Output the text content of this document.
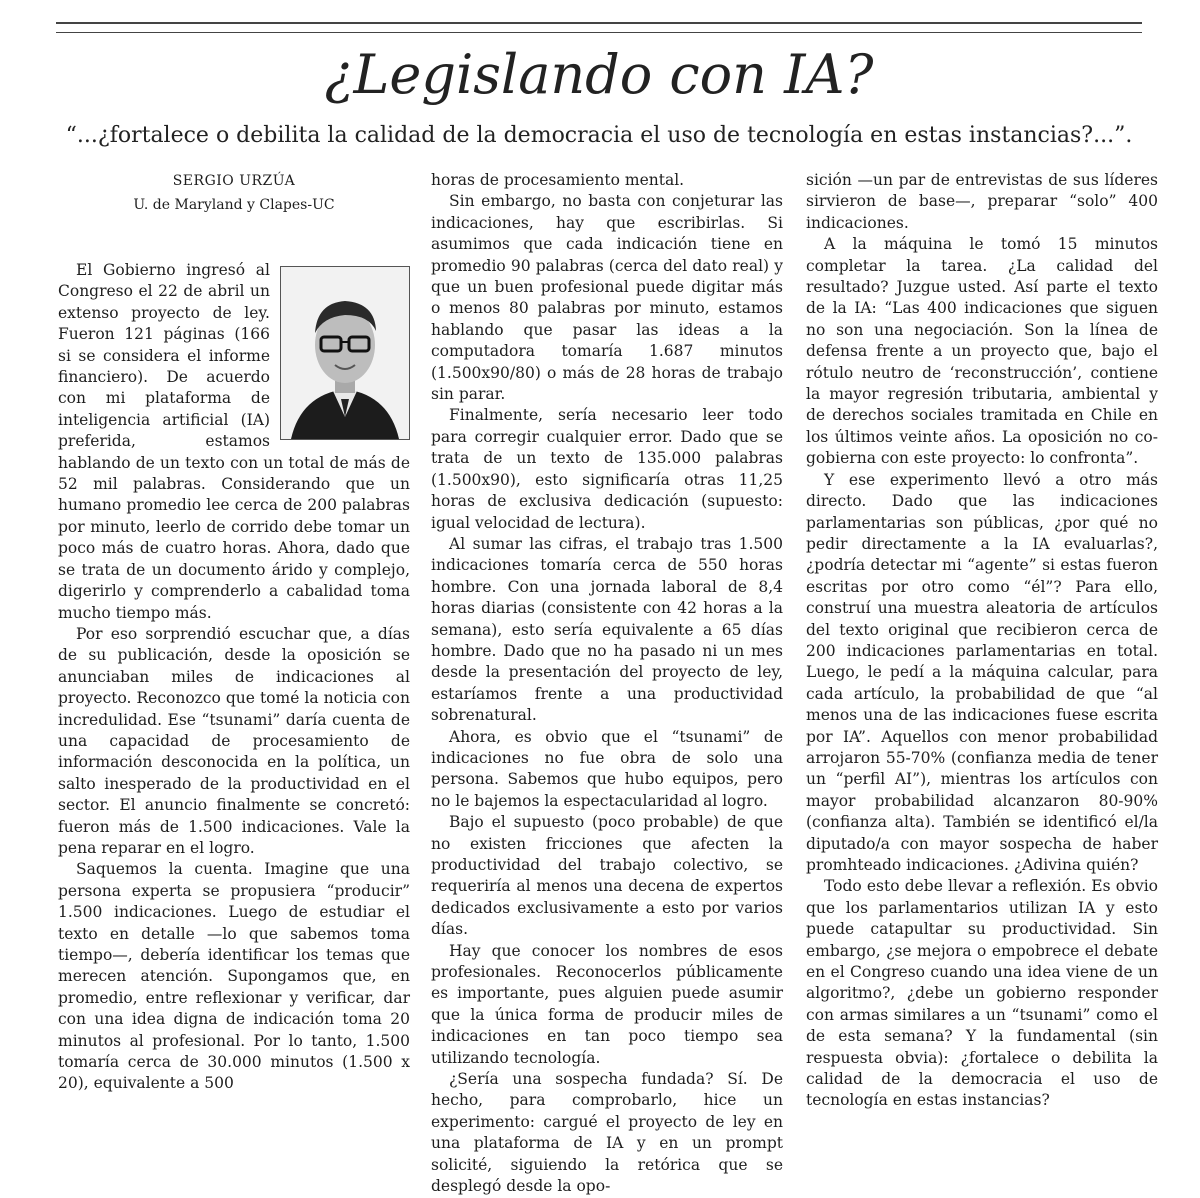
¿Legislando con IA?
“...¿fortalece o debilita la calidad de la democracia el uso de tecnología en estas instancias?...”.
SERGIO URZÚA
U. de Maryland y Clapes-UC

El Gobierno ingresó al Congreso el 22 de abril un extenso proyecto de ley. Fueron 121 páginas (166 si se considera el informe financiero). De acuerdo con mi plataforma de inteligencia artificial (IA) preferida, estamos hablando de un texto con un total de más de 52 mil palabras. Considerando que un humano promedio lee cerca de 200 palabras por minuto, leerlo de corrido debe tomar un poco más de cuatro horas. Ahora, dado que se trata de un documento árido y complejo, digerirlo y comprenderlo a cabalidad toma mucho tiempo más.

Por eso sorprendió escuchar que, a días de su publicación, desde la oposición se anunciaban miles de indicaciones al proyecto. Reconozco que tomé la noticia con incredulidad. Ese “tsunami” daría cuenta de una capacidad de procesamiento de información desconocida en la política, un salto inesperado de la productividad en el sector. El anuncio finalmente se concretó: fueron más de 1.500 indicaciones. Vale la pena reparar en el logro.

Saquemos la cuenta. Imagine que una persona experta se propusiera “producir” 1.500 indicaciones. Luego de estudiar el texto en detalle —lo que sabemos toma tiempo—, debería identificar los temas que merecen atención. Supongamos que, en promedio, entre reflexionar y verificar, dar con una idea digna de indicación toma 20 minutos al profesional. Por lo tanto, 1.500 tomaría cerca de 30.000 minutos (1.500 x 20), equivalente a 500

horas de procesamiento mental.

Sin embargo, no basta con conjeturar las indicaciones, hay que escribirlas. Si asumimos que cada indicación tiene en promedio 90 palabras (cerca del dato real) y que un buen profesional puede digitar más o menos 80 palabras por minuto, estamos hablando que pasar las ideas a la computadora tomaría 1.687 minutos (1.500x90/80) o más de 28 horas de trabajo sin parar.

Finalmente, sería necesario leer todo para corregir cualquier error. Dado que se trata de un texto de 135.000 palabras (1.500x90), esto significaría otras 11,25 horas de exclusiva dedicación (supuesto: igual velocidad de lectura).

Al sumar las cifras, el trabajo tras 1.500 indicaciones tomaría cerca de 550 horas hombre. Con una jornada laboral de 8,4 horas diarias (consistente con 42 horas a la semana), esto sería equivalente a 65 días hombre. Dado que no ha pasado ni un mes desde la presentación del proyecto de ley, estaríamos frente a una productividad sobrenatural.

Ahora, es obvio que el “tsunami” de indicaciones no fue obra de solo una persona. Sabemos que hubo equipos, pero no le bajemos la espectacularidad al logro.

Bajo el supuesto (poco probable) de que no existen fricciones que afecten la productividad del trabajo colectivo, se requeriría al menos una decena de expertos dedicados exclusivamente a esto por varios días.

Hay que conocer los nombres de esos profesionales. Reconocerlos públicamente es importante, pues alguien puede asumir que la única forma de producir miles de indicaciones en tan poco tiempo sea utilizando tecnología.

¿Sería una sospecha fundada? Sí. De hecho, para comprobarlo, hice un experimento: cargué el proyecto de ley en una plataforma de IA y en un prompt solicité, siguiendo la retórica que se desplegó desde la opo-

sición —un par de entrevistas de sus líderes sirvieron de base—, preparar “solo” 400 indicaciones.

A la máquina le tomó 15 minutos completar la tarea. ¿La calidad del resultado? Juzgue usted. Así parte el texto de la IA: “Las 400 indicaciones que siguen no son una negociación. Son la línea de defensa frente a un proyecto que, bajo el rótulo neutro de ‘reconstrucción’, contiene la mayor regresión tributaria, ambiental y de derechos sociales tramitada en Chile en los últimos veinte años. La oposición no co-gobierna con este proyecto: lo confronta”.

Y ese experimento llevó a otro más directo. Dado que las indicaciones parlamentarias son públicas, ¿por qué no pedir directamente a la IA evaluarlas?, ¿podría detectar mi “agente” si estas fueron escritas por otro como “él”? Para ello, construí una muestra aleatoria de artículos del texto original que recibieron cerca de 200 indicaciones parlamentarias en total. Luego, le pedí a la máquina calcular, para cada artículo, la probabilidad de que “al menos una de las indicaciones fuese escrita por IA”. Aquellos con menor probabilidad arrojaron 55-70% (confianza media de tener un “perfil AI”), mientras los artículos con mayor probabilidad alcanzaron 80-90% (confianza alta). También se identificó el/la diputado/a con mayor sospecha de haber promhteado indicaciones. ¿Adivina quién?

Todo esto debe llevar a reflexión. Es obvio que los parlamentarios utilizan IA y esto puede catapultar su productividad. Sin embargo, ¿se mejora o empobrece el debate en el Congreso cuando una idea viene de un algoritmo?, ¿debe un gobierno responder con armas similares a un “tsunami” como el de esta semana? Y la fundamental (sin respuesta obvia): ¿fortalece o debilita la calidad de la democracia el uso de tecnología en estas instancias?
